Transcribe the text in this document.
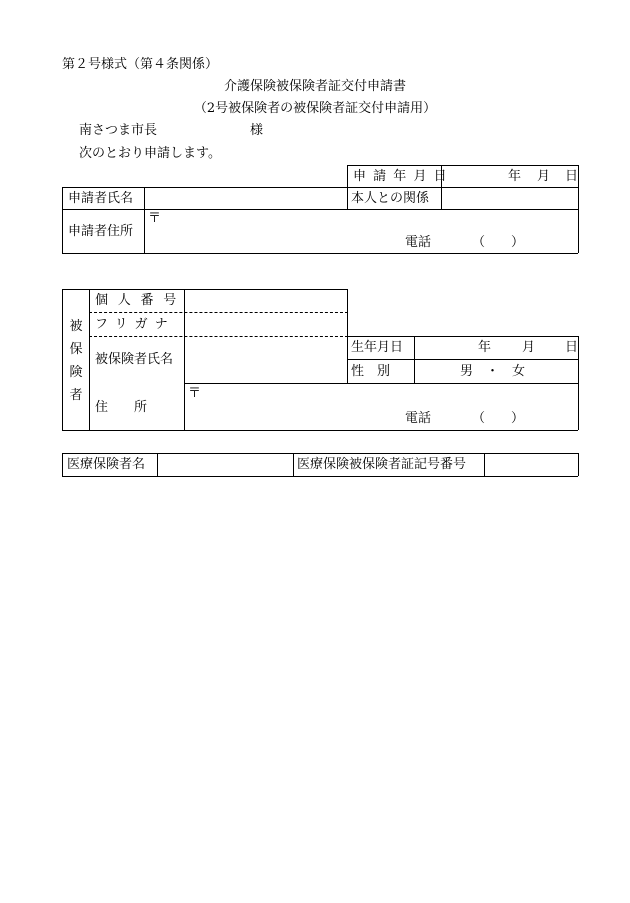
第２号様式（第４条関係）
介護保険被保険者証交付申請書
（2号被保険者の被保険者証交付申請用）
南さつま市長	様
次のとおり申請します。
申請年月日	年 月 日
申請者氏名	本人との関係
申請者住所
〒
電話	（　　）
被
保
険
者
個人番号
フリガナ
被保険者氏名
生年月日	年 月 日
性　別	男　・　女
住　　所
〒
電話	（　　）
医療保険者名	医療保険被保険者証記号番号
